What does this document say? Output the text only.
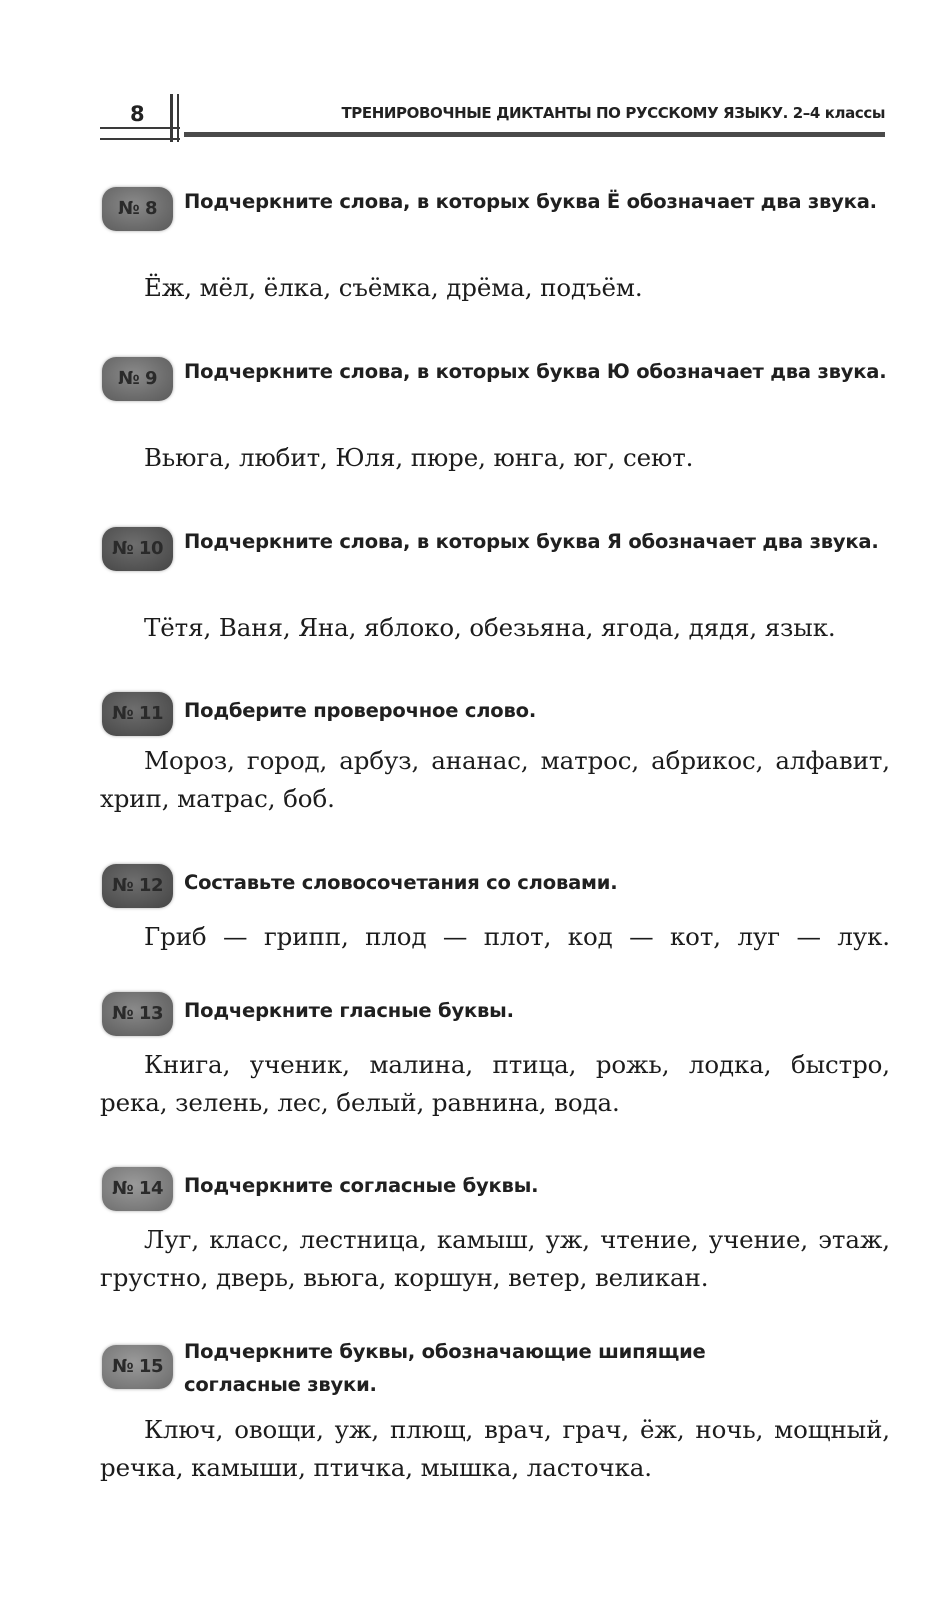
8	ТРЕНИРОВОЧНЫЕ ДИКТАНТЫ ПО РУССКОМУ ЯЗЫКУ. 2–4 классы
№ 8	Подчеркните слова, в которых буква Ё обозначает два звука.
Ёж, мёл, ёлка, съёмка, дрёма, подъём.
№ 9	Подчеркните слова, в которых буква Ю обозначает два звука.
Вьюга, любит, Юля, пюре, юнга, юг, сеют.
№ 10	Подчеркните слова, в которых буква Я обозначает два звука.
Тётя, Ваня, Яна, яблоко, обезьяна, ягода, дядя, язык.
№ 11	Подберите проверочное слово.
Мороз, город, арбуз, ананас, матрос, абрикос, алфавит, хрип, матрас, боб.
№ 12	Составьте словосочетания со словами.
Гриб — грипп, плод — плот, код — кот, луг — лук.
№ 13	Подчеркните гласные буквы.
Книга, ученик, малина, птица, рожь, лодка, быстро, река, зелень, лес, белый, равнина, вода.
№ 14	Подчеркните согласные буквы.
Луг, класс, лестница, камыш, уж, чтение, учение, этаж, грустно, дверь, вьюга, коршун, ветер, великан.
№ 15
Подчеркните буквы, обозначающие шипящие согласные звуки.
Ключ, овощи, уж, плющ, врач, грач, ёж, ночь, мощный, речка, камыши, птичка, мышка, ласточка.
